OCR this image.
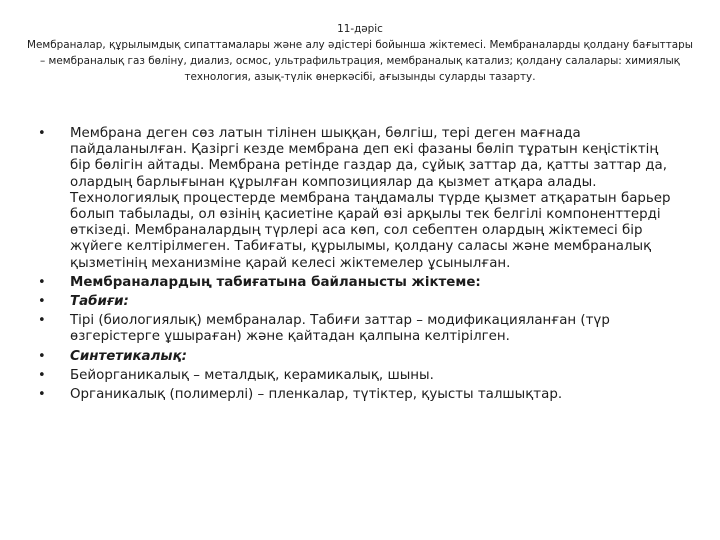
11-дәріс
Мембраналар, құрылымдық сипаттамалары және алу әдістері бойынша жіктемесі. Мембраналарды қолдану бағыттары – мембраналық газ бөліну, диализ, осмос, ультрафильтрация, мембраналық катализ; қолдану салалары: химиялық технология, азық-түлік өнеркәсібі, ағызынды суларды тазарту.
• Мембрана деген сөз латын тілінен шыққан, бөлгіш, тері деген мағнада пайдаланылған. Қазіргі кезде мембрана деп екі фазаны бөліп тұратын кеңістіктің бір бөлігін айтады. Мембрана ретінде газдар да, сұйық заттар да, қатты заттар да, олардың барлығынан құрылған композициялар да қызмет атқара алады. Технологиялық процестерде мембрана таңдамалы түрде қызмет атқаратын барьер болып табылады, ол өзінің қасиетіне қарай өзі арқылы тек белгілі компоненттерді өткізеді. Мембраналардың түрлері аса көп, сол себептен олардың жіктемесі бір жүйеге келтірілмеген. Табиғаты, құрылымы, қолдану саласы және мембраналық қызметінің механизміне қарай келесі жіктемелер ұсынылған.
• Мембраналардың табиғатына байланысты жіктеме:
• Табиғи:
• Тірі (биологиялық) мембраналар. Табиғи заттар – модификацияланған (түр өзгерістерге ұшыраған) және қайтадан қалпына келтірілген.
• Синтетикалық:
• Бейорганикалық – металдық, керамикалық, шыны.
• Органикалық (полимерлі) – пленкалар, түтіктер, қуысты талшықтар.
